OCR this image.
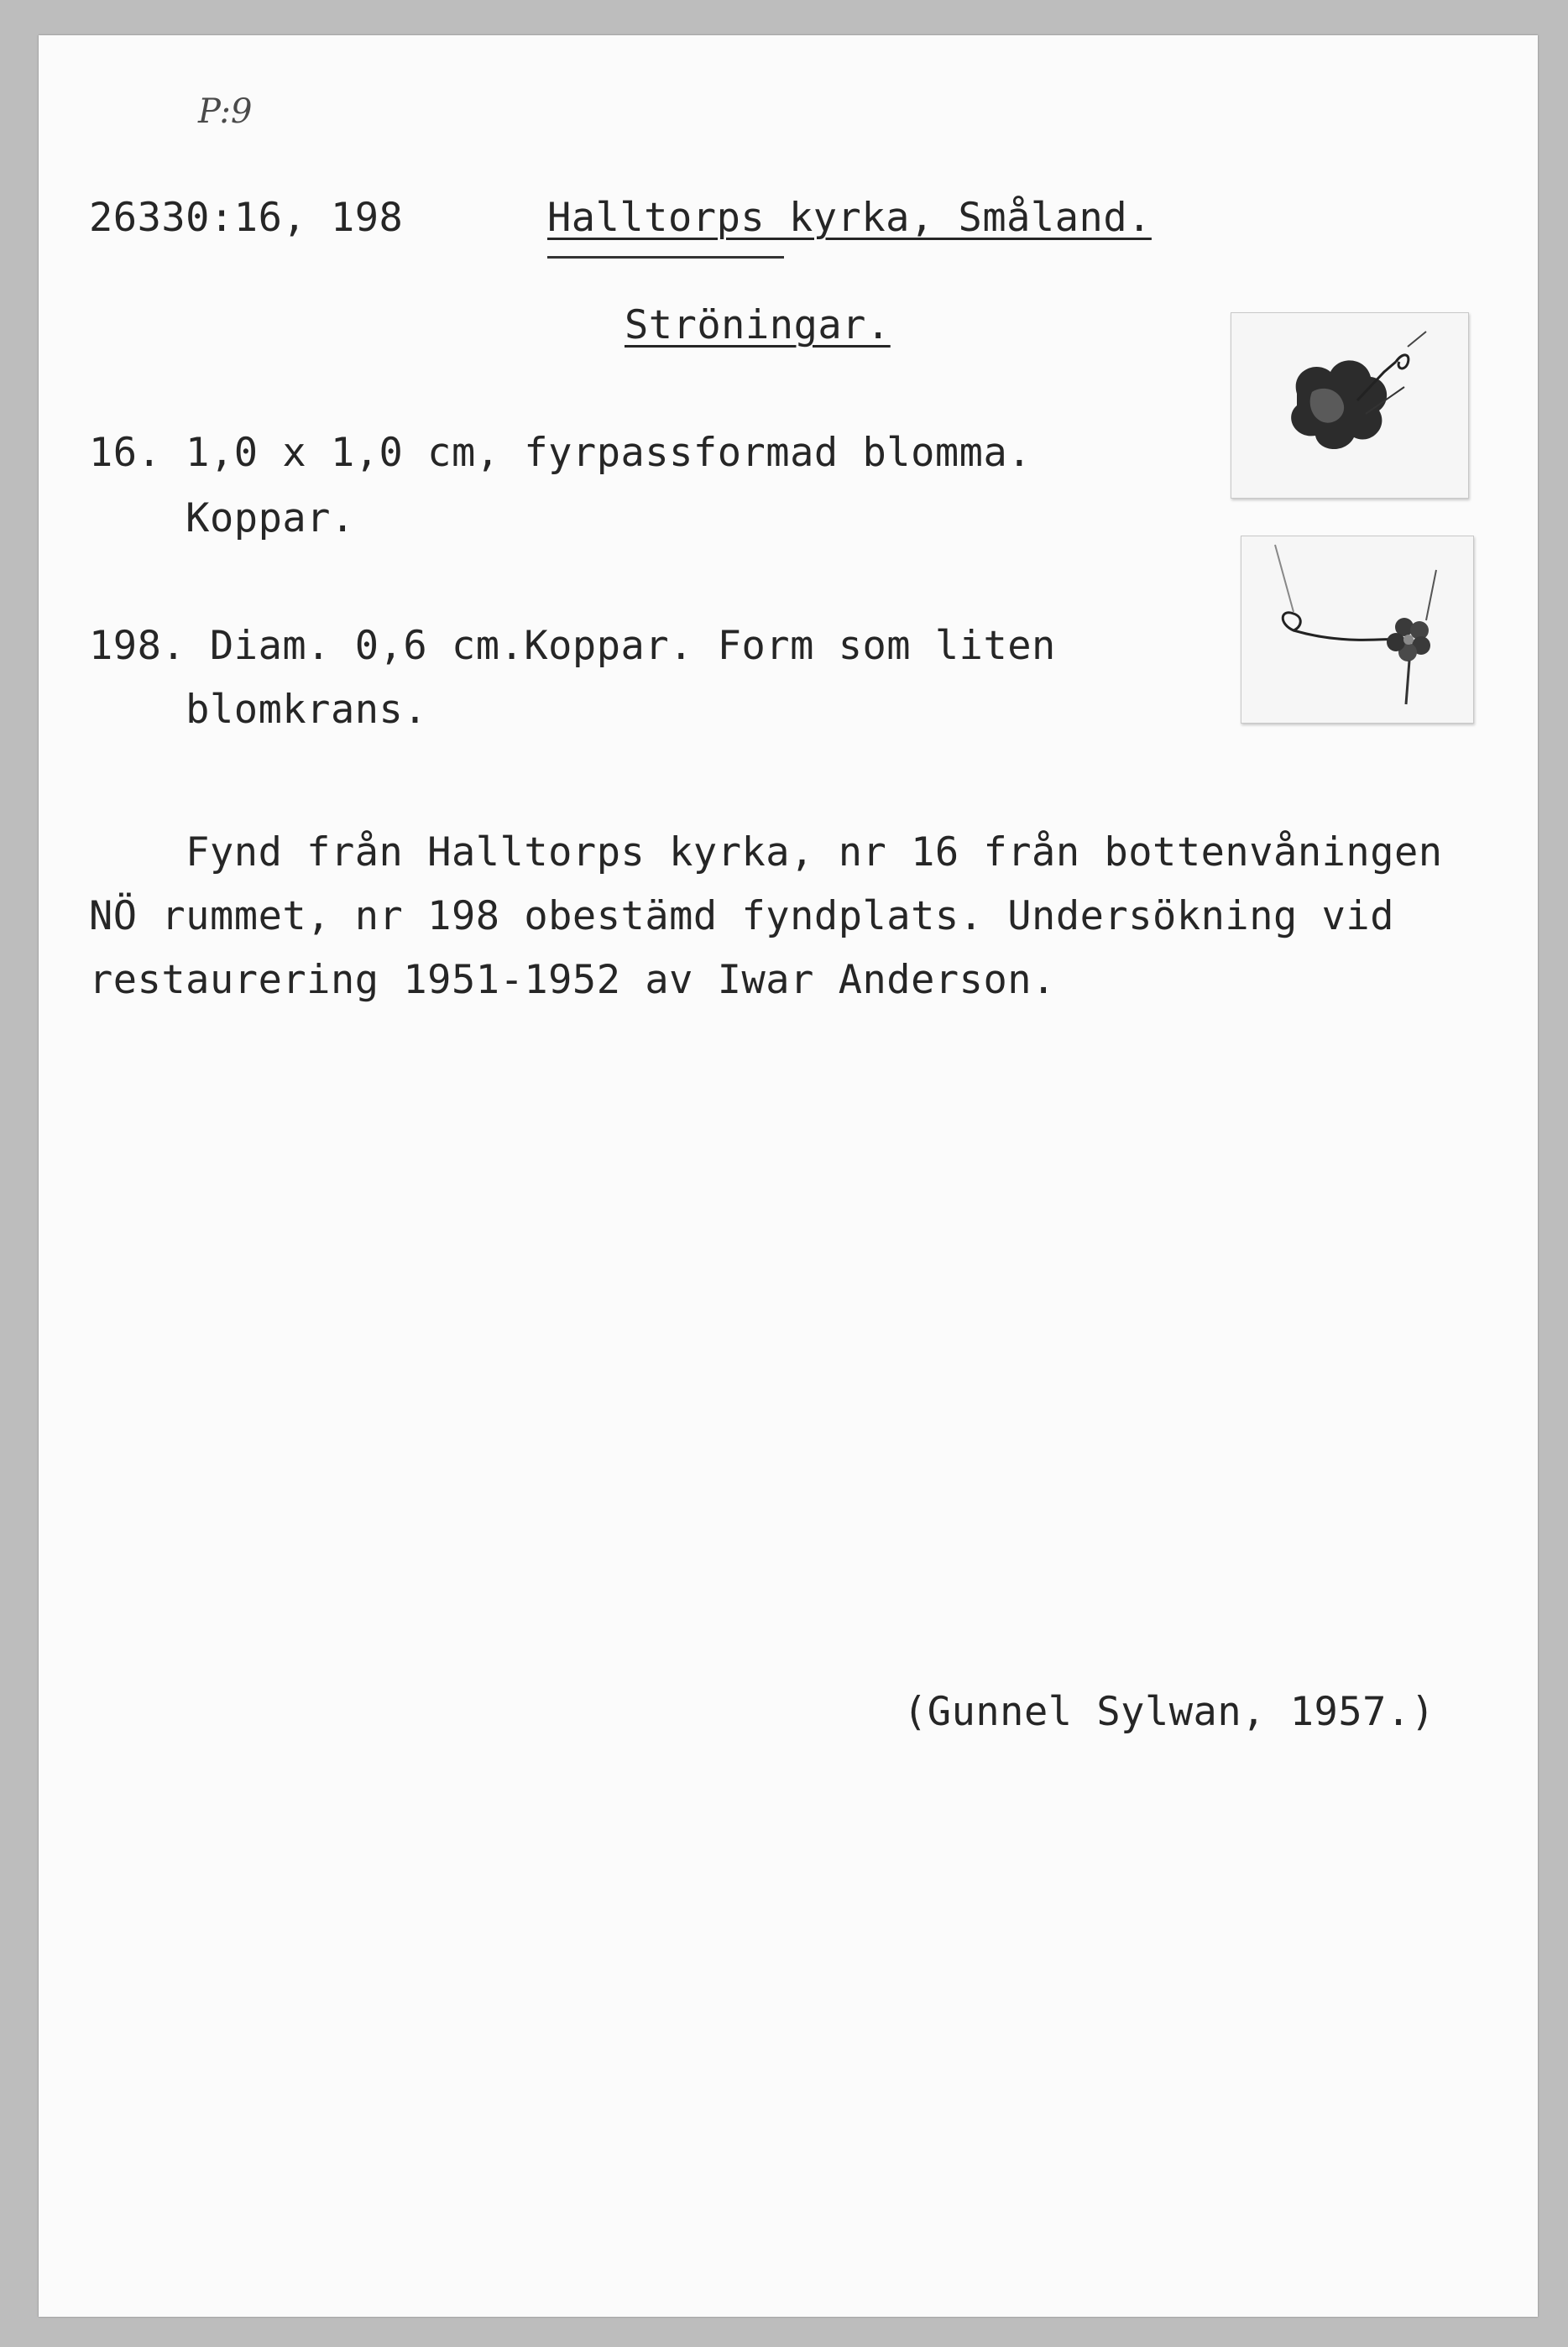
P:9
26330:16, 198	Halltorps kyrka, Småland.
Ströningar.
16. 1,0 x 1,0 cm, fyrpassformad blomma.
Koppar.
198. Diam. 0,6 cm.Koppar. Form som liten
blomkrans.
Fynd från Halltorps kyrka, nr 16 från bottenvåningen
NÖ rummet, nr 198 obestämd fyndplats. Undersökning vid
restaurering 1951-1952 av Iwar Anderson.
(Gunnel Sylwan, 1957.)
